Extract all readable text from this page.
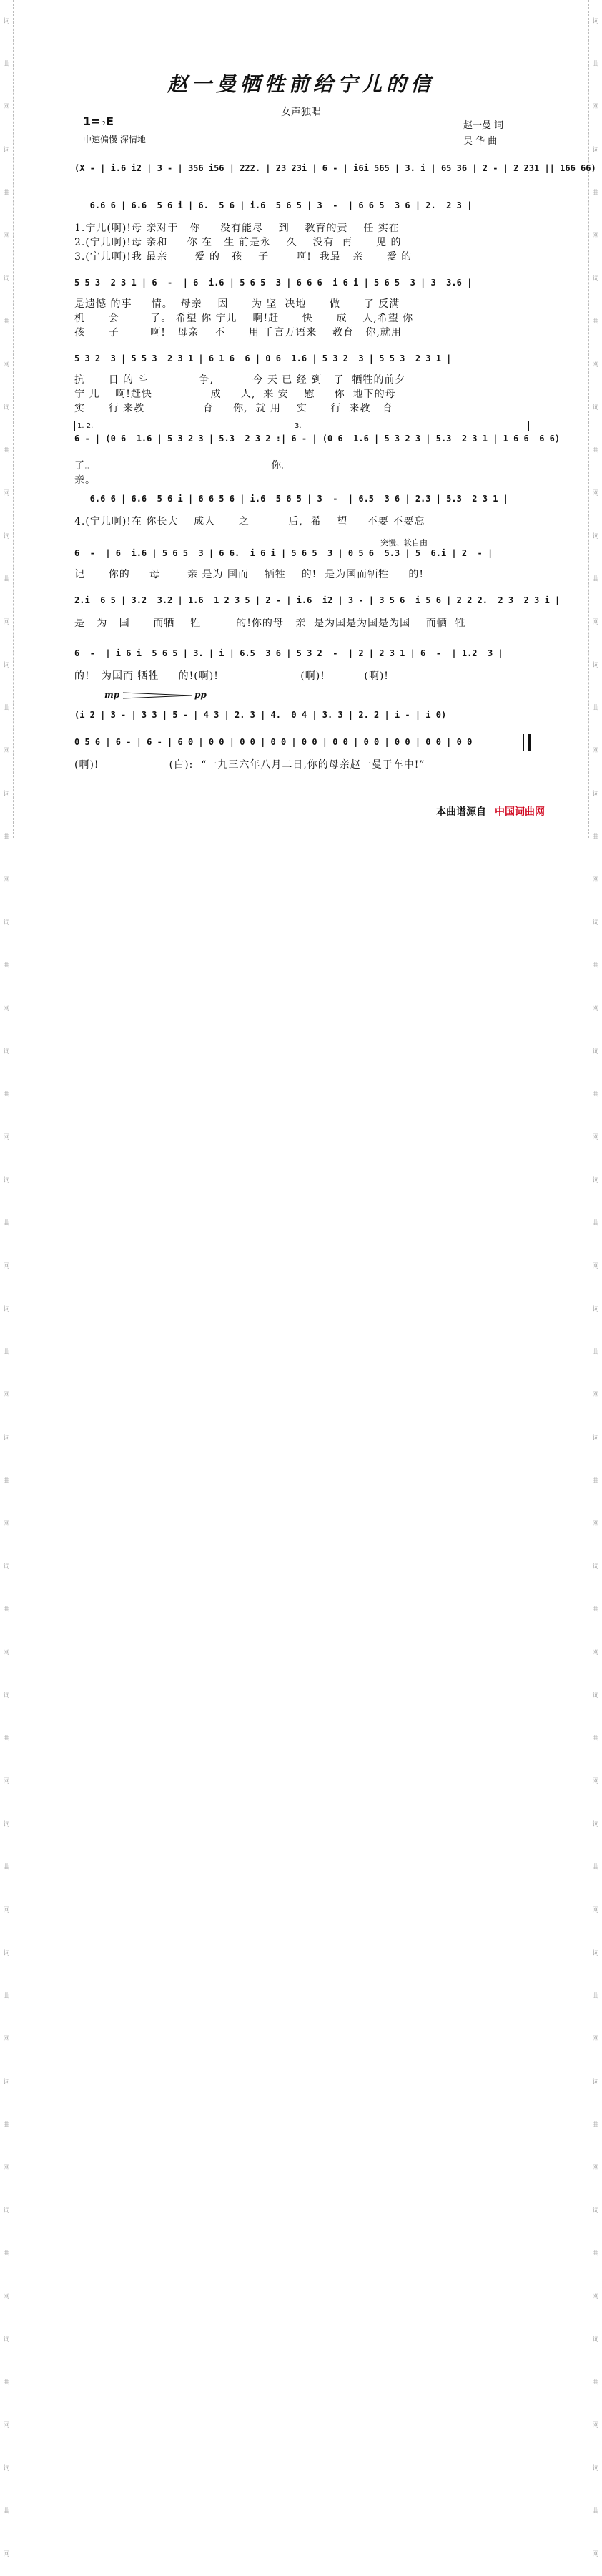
词曲网
词曲网
词曲网
词曲网
词曲网
词曲网
词曲网
词曲网
词曲网
词曲网
词曲网
词曲网
词曲网
词曲网
词曲网
词曲网
词曲网
词曲网
词曲网
词曲网

词曲网
词曲网
词曲网
词曲网
词曲网
词曲网
词曲网
词曲网
词曲网
词曲网
词曲网
词曲网
词曲网
词曲网
词曲网
词曲网
词曲网
词曲网
词曲网
词曲网

赵一曼牺牲前给宁儿的信
女声独唱
1=♭E
中速偏慢 深情地
赵一曼 词
吴 华 曲
(X - | i.6 i2 | 3 - | 356 i56 | 222. | 23 23i | 6 - | i6i 565 | 3. i | 65 36 | 2 - | 2 231 || 166 66)
6.6 6 | 6.6  5 6 i | 6.  5 6 | i.6  5 6 5 | 3  -  | 6 6 5  3 6 | 2.  2 3 |
1.宁儿(啊)!母 亲对于   你     没有能尽    到    教育的责    任 实在
2.(宁儿啊)!母 亲和     你 在   生 前是永    久    没有  再      见 的
3.(宁儿啊)!我 最亲       爱 的   孩    子       啊!  我最   亲      爱 的
5 5 3  2 3 1 | 6  -  | 6  i.6 | 5 6 5  3 | 6 6 6  i 6 i | 5 6 5  3 | 3  3.6 |
是遗憾 的事     情。  母亲    因      为 坚  决地      做      了 反满
机      会        了。 希望 你 宁儿    啊!赶      快      成    人,希望 你
孩      子        啊!   母亲    不      用 千言万语来    教育   你,就用
5 3 2  3 | 5 5 3  2 3 1 | 6 1 6  6 | 0 6  1.6 | 5 3 2  3 | 5 5 3  2 3 1 |
抗      日 的 斗             争,          今 天 已 经 到   了  牺牲的前夕
宁 儿    啊!赶快               成     人,  来 安    慰     你  地下的母
实      行 来教               育     你,  就 用    实      行  来教   育
6 - | (0 6  1.6 | 5 3 2 3 | 5.3  2 3 2 :| 6 - | (0 6  1.6 | 5 3 2 3 | 5.3  2 3 1 | 1 6 6  6 6)
了。                                             你。
亲。
6.6 6 | 6.6  5 6 i | 6 6 5 6 | i.6  5 6 5 | 3  -  | 6.5  3 6 | 2.3 | 5.3  2 3 1 |
4.(宁儿啊)!在 你长大    成人      之          后,  希    望     不要 不要忘
6  -  | 6  i.6 | 5 6 5  3 | 6 6.  i 6 i | 5 6 5  3 | 0 5 6  5.3 | 5  6.i | 2  - |
记      你的     母       亲 是为 国而    牺牲    的!  是为国而牺牲     的!
2.i  6 5 | 3.2  3.2 | 1.6  1 2 3 5 | 2 - | i.6  i2 | 3 - | 3 5 6  i 5 6 | 2 2 2.  2 3  2 3 i |
是   为   国      而牺    牲         的!你的母   亲  是为国是为国是为国    而牺  牲
6  -  | i 6 i  5 6 5 | 3. | i | 6.5  3 6 | 5 3 2  -  | 2 | 2 3 1 | 6  -  | 1.2  3 |
的!   为国而 牺牲     的!(啊)!                     (啊)!          (啊)!
(i 2 | 3 - | 3 3 | 5 - | 4 3 | 2. 3 | 4.  0 4 | 3. 3 | 2. 2 | i - | i 0)
0 5 6 | 6 - | 6 - | 6 0 | 0 0 | 0 0 | 0 0 | 0 0 | 0 0 | 0 0 | 0 0 | 0 0 | 0 0
(啊)!                  (白):  “一九三六年八月二日,你的母亲赵一曼于车中!”
1. 2.	3.
突慢、较自由
mp	pp
本曲谱源自 中国词曲网
